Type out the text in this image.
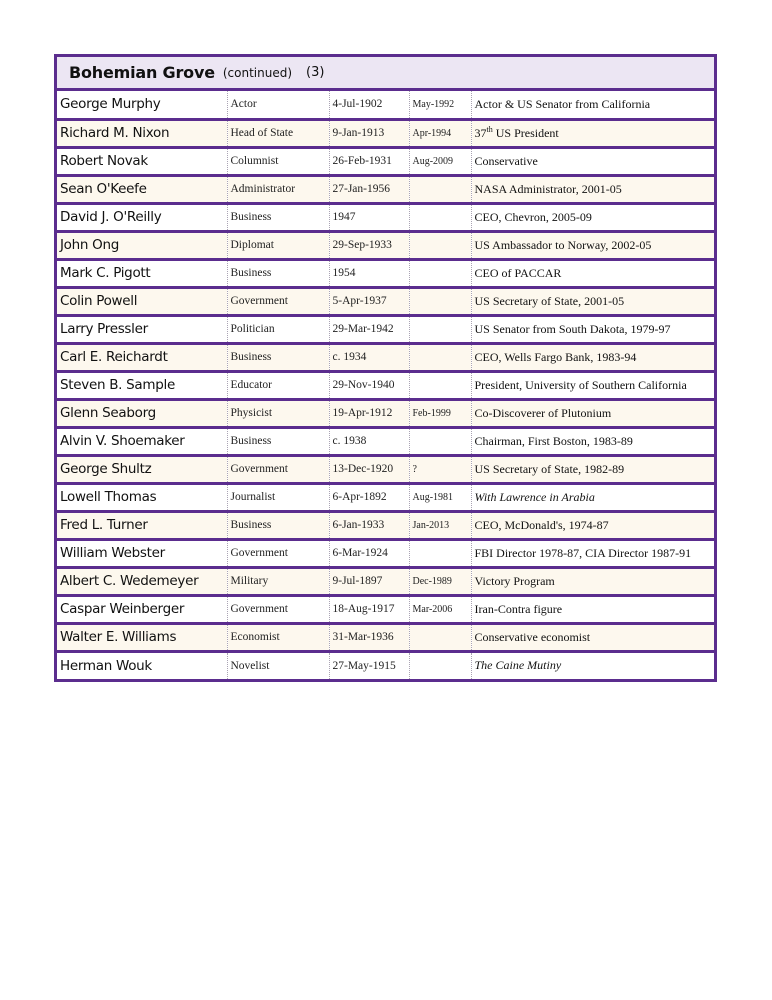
Bohemian Grove (continued) (3)
George Murphy	Actor	4-Jul-1902	May-1992	Actor & US Senator from California
Richard M. Nixon	Head of State	9-Jan-1913	Apr-1994	37th US President
Robert Novak	Columnist	26-Feb-1931	Aug-2009	Conservative
Sean O'Keefe	Administrator	27-Jan-1956		NASA Administrator, 2001-05
David J. O'Reilly	Business	1947		CEO, Chevron, 2005-09
John Ong	Diplomat	29-Sep-1933		US Ambassador to Norway, 2002-05
Mark C. Pigott	Business	1954		CEO of PACCAR
Colin Powell	Government	5-Apr-1937		US Secretary of State, 2001-05
Larry Pressler	Politician	29-Mar-1942		US Senator from South Dakota, 1979-97
Carl E. Reichardt	Business	c. 1934		CEO, Wells Fargo Bank, 1983-94
Steven B. Sample	Educator	29-Nov-1940		President, University of Southern California
Glenn Seaborg	Physicist	19-Apr-1912	Feb-1999	Co-Discoverer of Plutonium
Alvin V. Shoemaker	Business	c. 1938		Chairman, First Boston, 1983-89
George Shultz	Government	13-Dec-1920	?	US Secretary of State, 1982-89
Lowell Thomas	Journalist	6-Apr-1892	Aug-1981	With Lawrence in Arabia
Fred L. Turner	Business	6-Jan-1933	Jan-2013	CEO, McDonald's, 1974-87
William Webster	Government	6-Mar-1924		FBI Director 1978-87, CIA Director 1987-91
Albert C. Wedemeyer	Military	9-Jul-1897	Dec-1989	Victory Program
Caspar Weinberger	Government	18-Aug-1917	Mar-2006	Iran-Contra figure
Walter E. Williams	Economist	31-Mar-1936		Conservative economist
Herman Wouk	Novelist	27-May-1915		The Caine Mutiny
